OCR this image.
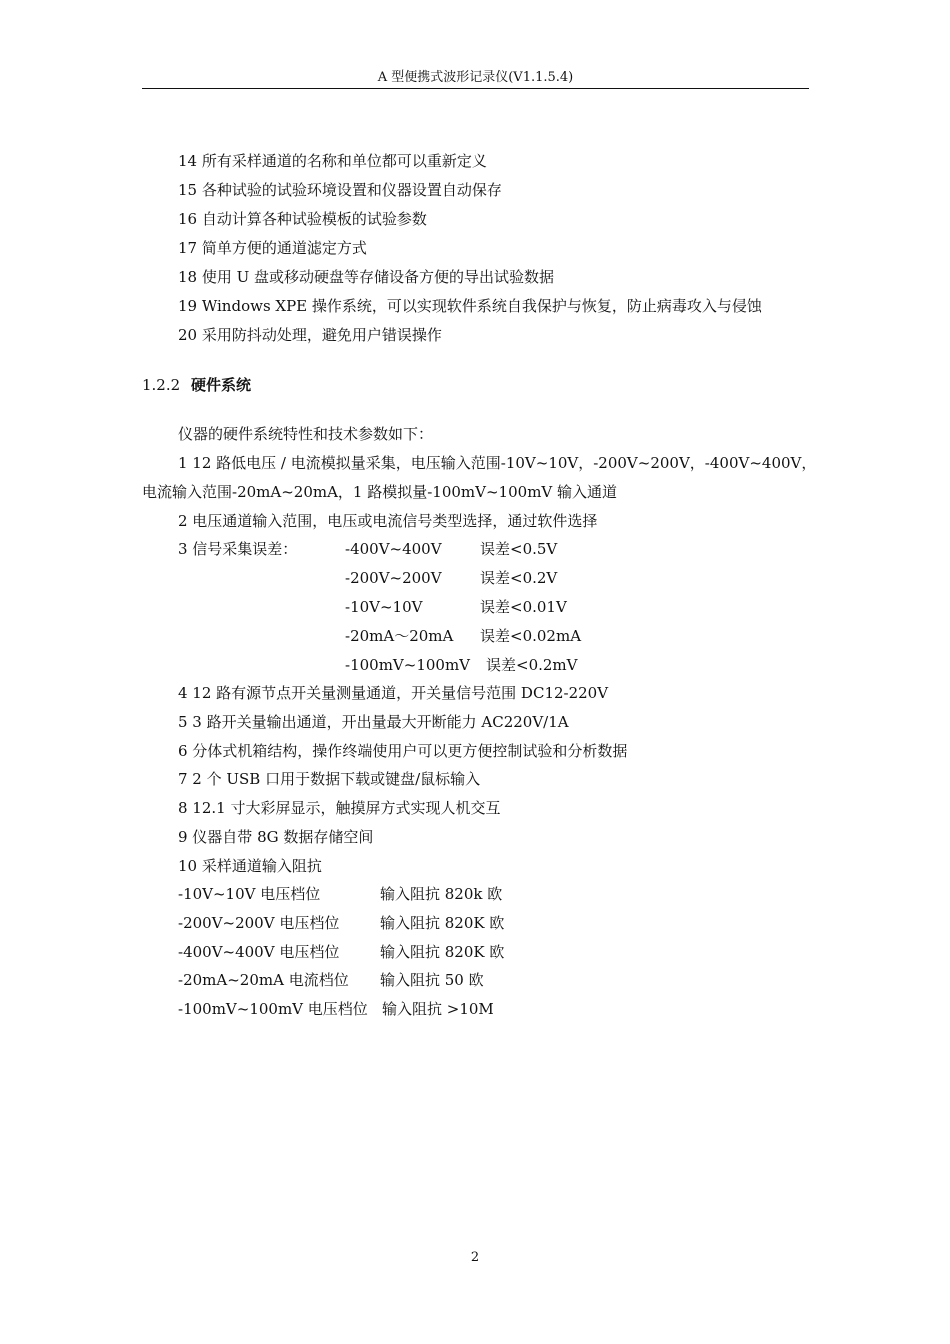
A 型便携式波形记录仪(V1.1.5.4)
14 所有采样通道的名称和单位都可以重新定义
15 各种试验的试验环境设置和仪器设置自动保存
16 自动计算各种试验模板的试验参数
17 简单方便的通道滤定方式
18 使用 U 盘或移动硬盘等存储设备方便的导出试验数据
19 Windows XPE 操作系统，可以实现软件系统自我保护与恢复，防止病毒攻入与侵蚀
20 采用防抖动处理，避免用户错误操作
1.2.2 硬件系统
仪器的硬件系统特性和技术参数如下：
1 12 路低电压 / 电流模拟量采集，电压输入范围-10V~10V，-200V~200V，-400V~400V，
电流输入范围-20mA~20mA，1 路模拟量-100mV~100mV 输入通道
2 电压通道输入范围，电压或电流信号类型选择，通过软件选择
3 信号采集误差：	-400V~400V	误差<0.5V
-200V~200V	误差<0.2V
-10V~10V	误差<0.01V
-20mA～20mA 误差<0.02mA
-100mV~100mV 误差<0.2mV
4 12 路有源节点开关量测量通道，开关量信号范围 DC12-220V
5 3 路开关量输出通道，开出量最大开断能力 AC220V/1A
6 分体式机箱结构，操作终端使用户可以更方便控制试验和分析数据
7 2 个 USB 口用于数据下载或键盘/鼠标输入
8 12.1 寸大彩屏显示，触摸屏方式实现人机交互
9 仪器自带 8G 数据存储空间
10 采样通道输入阻抗
-10V~10V 电压档位	输入阻抗 820k 欧
-200V~200V 电压档位	输入阻抗 820K 欧
-400V~400V 电压档位	输入阻抗 820K 欧
-20mA~20mA 电流档位 输入阻抗 50 欧
-100mV~100mV 电压档位 输入阻抗 >10M
2
